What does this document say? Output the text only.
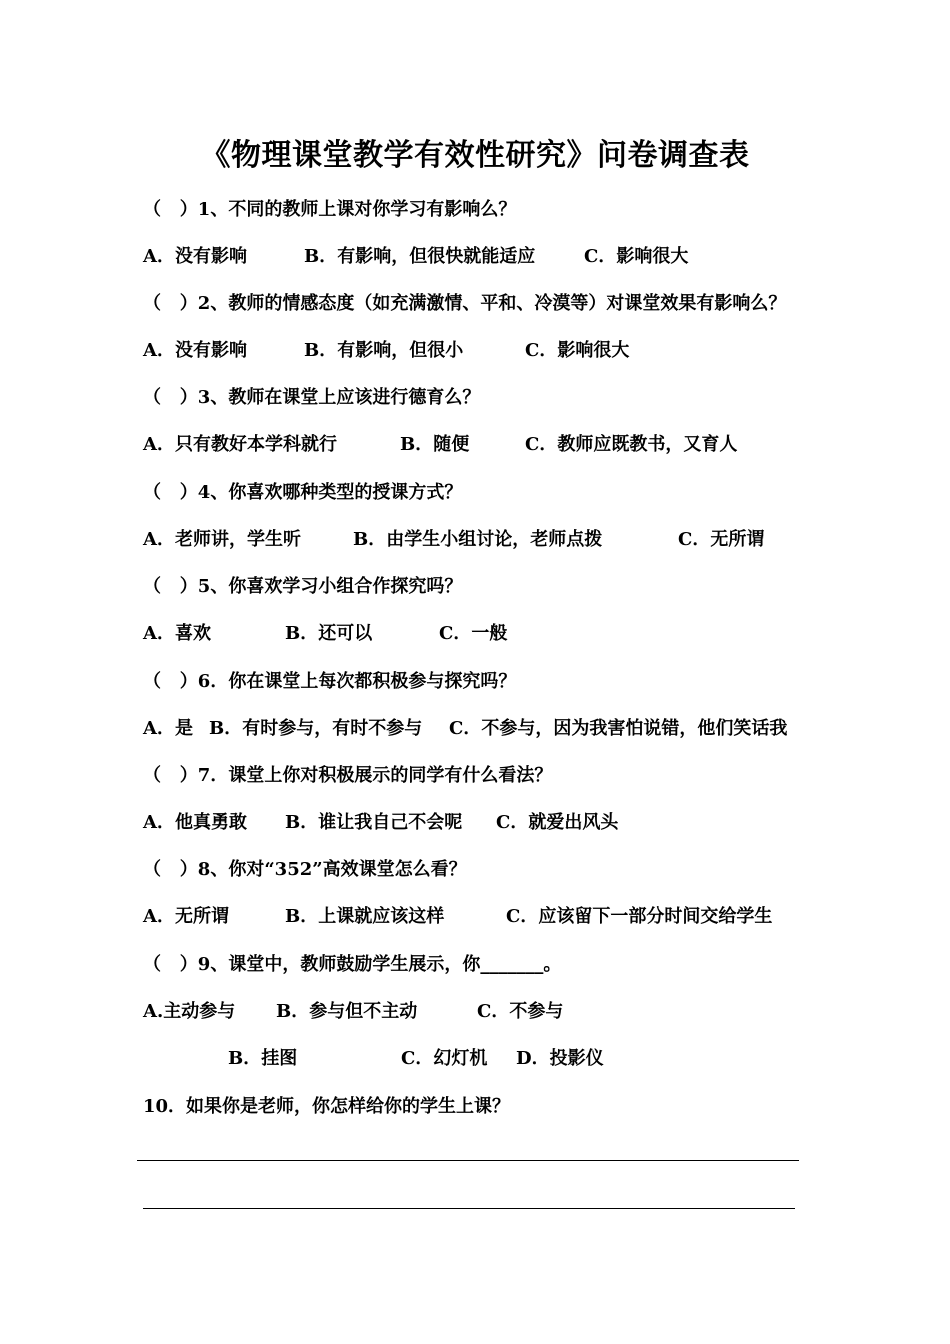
《物理课堂教学有效性研究》问卷调查表
（   ）1、不同的教师上课对你学习有影响么？

A．没有影响

	B．有影响，但很快就能适应

	C．影响很大

（   ）2、教师的情感态度（如充满激情、平和、冷漠等）对课堂效果有影响么？

A．没有影响

	B．有影响，但很小

	C．影响很大

（   ）3、教师在课堂上应该进行德育么？

A．只有教好本学科就行

	B．随便

	C．教师应既教书，又育人

（   ）4、你喜欢哪种类型的授课方式？

A．老师讲，学生听

	B．由学生小组讨论，老师点拨

	C．无所谓

（   ）5、你喜欢学习小组合作探究吗？

A．喜欢

	B．还可以

	C．一般

（   ）6．你在课堂上每次都积极参与探究吗？

A．是

B．有时参与，有时不参与

C．不参与，因为我害怕说错，他们笑话我

（   ）7．课堂上你对积极展示的同学有什么看法？

A．他真勇敢

B．谁让我自己不会呢

C．就爱出风头

（   ）8、你对“352”高效课堂怎么看？

A．无所谓

	B．上课就应该这样

	C．应该留下一部分时间交给学生

（   ）9、课堂中，教师鼓励学生展示，你_______。

A.主动参与

B．参与但不主动

	C．不参与

B．挂图

	C．幻灯机

D．投影仪

10．如果你是老师，你怎样给你的学生上课？
